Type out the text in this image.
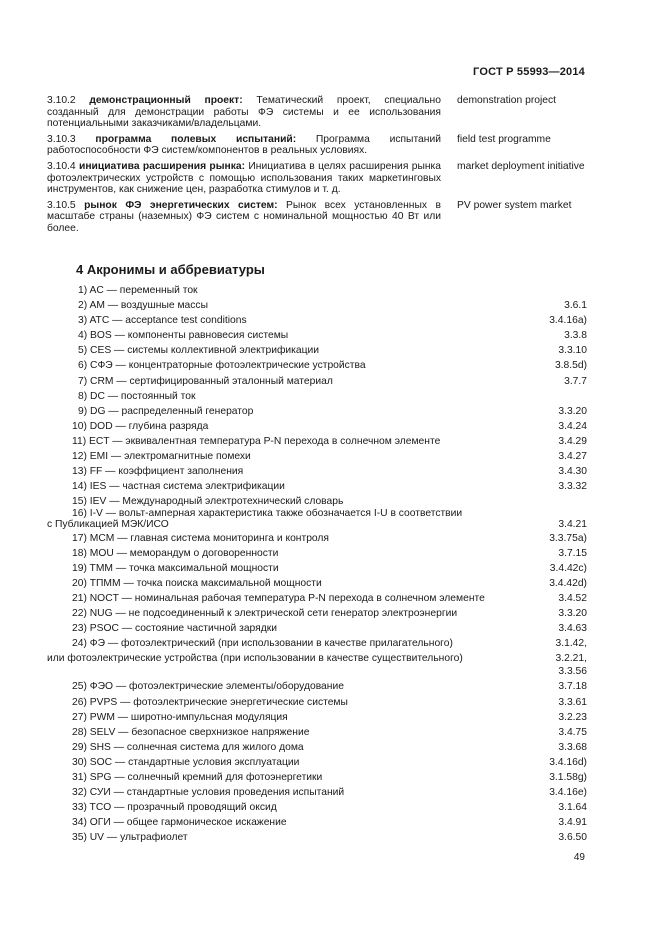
ГОСТ Р 55993—2014
3.10.2 демонстрационный проект: Тематический проект, специально созданный для демонстрации работы ФЭ системы и ее использования потенциальными заказчиками/владельцами.
demonstration project
3.10.3 программа полевых испытаний: Программа испытаний работоспособности ФЭ систем/компонентов в реальных условиях.
field test programme
3.10.4 инициатива расширения рынка: Инициатива в целях расширения рынка фотоэлектрических устройств с помощью использования таких маркетинговых инструментов, как снижение цен, разработка стимулов и т. д.
market deployment initiative
3.10.5 рынок ФЭ энергетических систем: Рынок всех установленных в масштабе страны (наземных) ФЭ систем с номинальной мощностью 40 Вт или более.
PV power system market
4 Акронимы и аббревиатуры
1) AC — переменный ток
2) AM — воздушные массы	3.6.1
3) ATC — acceptance test conditions	3.4.16a)
4) BOS — компоненты равновесия системы	3.3.8
5) CES — системы коллективной электрификации	3.3.10
6) СФЭ — концентраторные фотоэлектрические устройства	3.8.5d)
7) CRM — сертифицированный эталонный материал	3.7.7
8) DC — постоянный ток
9) DG — распределенный генератор	3.3.20
10) DOD — глубина разряда	3.4.24
11) ECT — эквивалентная температура P-N перехода в солнечном элементе	3.4.29
12) EMI — электромагнитные помехи	3.4.27
13) FF — коэффициент заполнения	3.4.30
14) IES — частная система электрификации	3.3.32
15) IEV — Международный электротехнический словарь
16) I-V — вольт-амперная характеристика также обозначается I-U в соответствии
с Публикацией МЭК/ИСО	3.4.21
17) MCM — главная система мониторинга и контроля	3.3.75a)
18) MOU — меморандум о договоренности	3.7.15
19) TMM — точка максимальной мощности	3.4.42c)
20) ТПММ — точка поиска максимальной мощности	3.4.42d)
21) NOCT — номинальная рабочая температура P-N перехода в солнечном элементе	3.4.52
22) NUG — не подсоединенный к электрической сети генератор электроэнергии	3.3.20
23) PSOC — состояние частичной зарядки	3.4.63
24) ФЭ — фотоэлектрический (при использовании в качестве прилагательного)	3.1.42,
или фотоэлектрические устройства (при использовании в качестве существительного)	3.2.21,
3.3.56
25) ФЭО — фотоэлектрические элементы/оборудование	3.7.18
26) PVPS — фотоэлектрические энергетические системы	3.3.61
27) PWM — широтно-импульсная модуляция	3.2.23
28) SELV — безопасное сверхнизкое напряжение	3.4.75
29) SHS — солнечная система для жилого дома	3.3.68
30) SOC — стандартные условия эксплуатации	3.4.16d)
31) SPG — солнечный кремний для фотоэнергетики	3.1.58g)
32) СУИ — стандартные условия проведения испытаний	3.4.16e)
33) TCO — прозрачный проводящий оксид	3.1.64
34) ОГИ — общее гармоническое искажение	3.4.91
35) UV — ультрафиолет	3.6.50
49
